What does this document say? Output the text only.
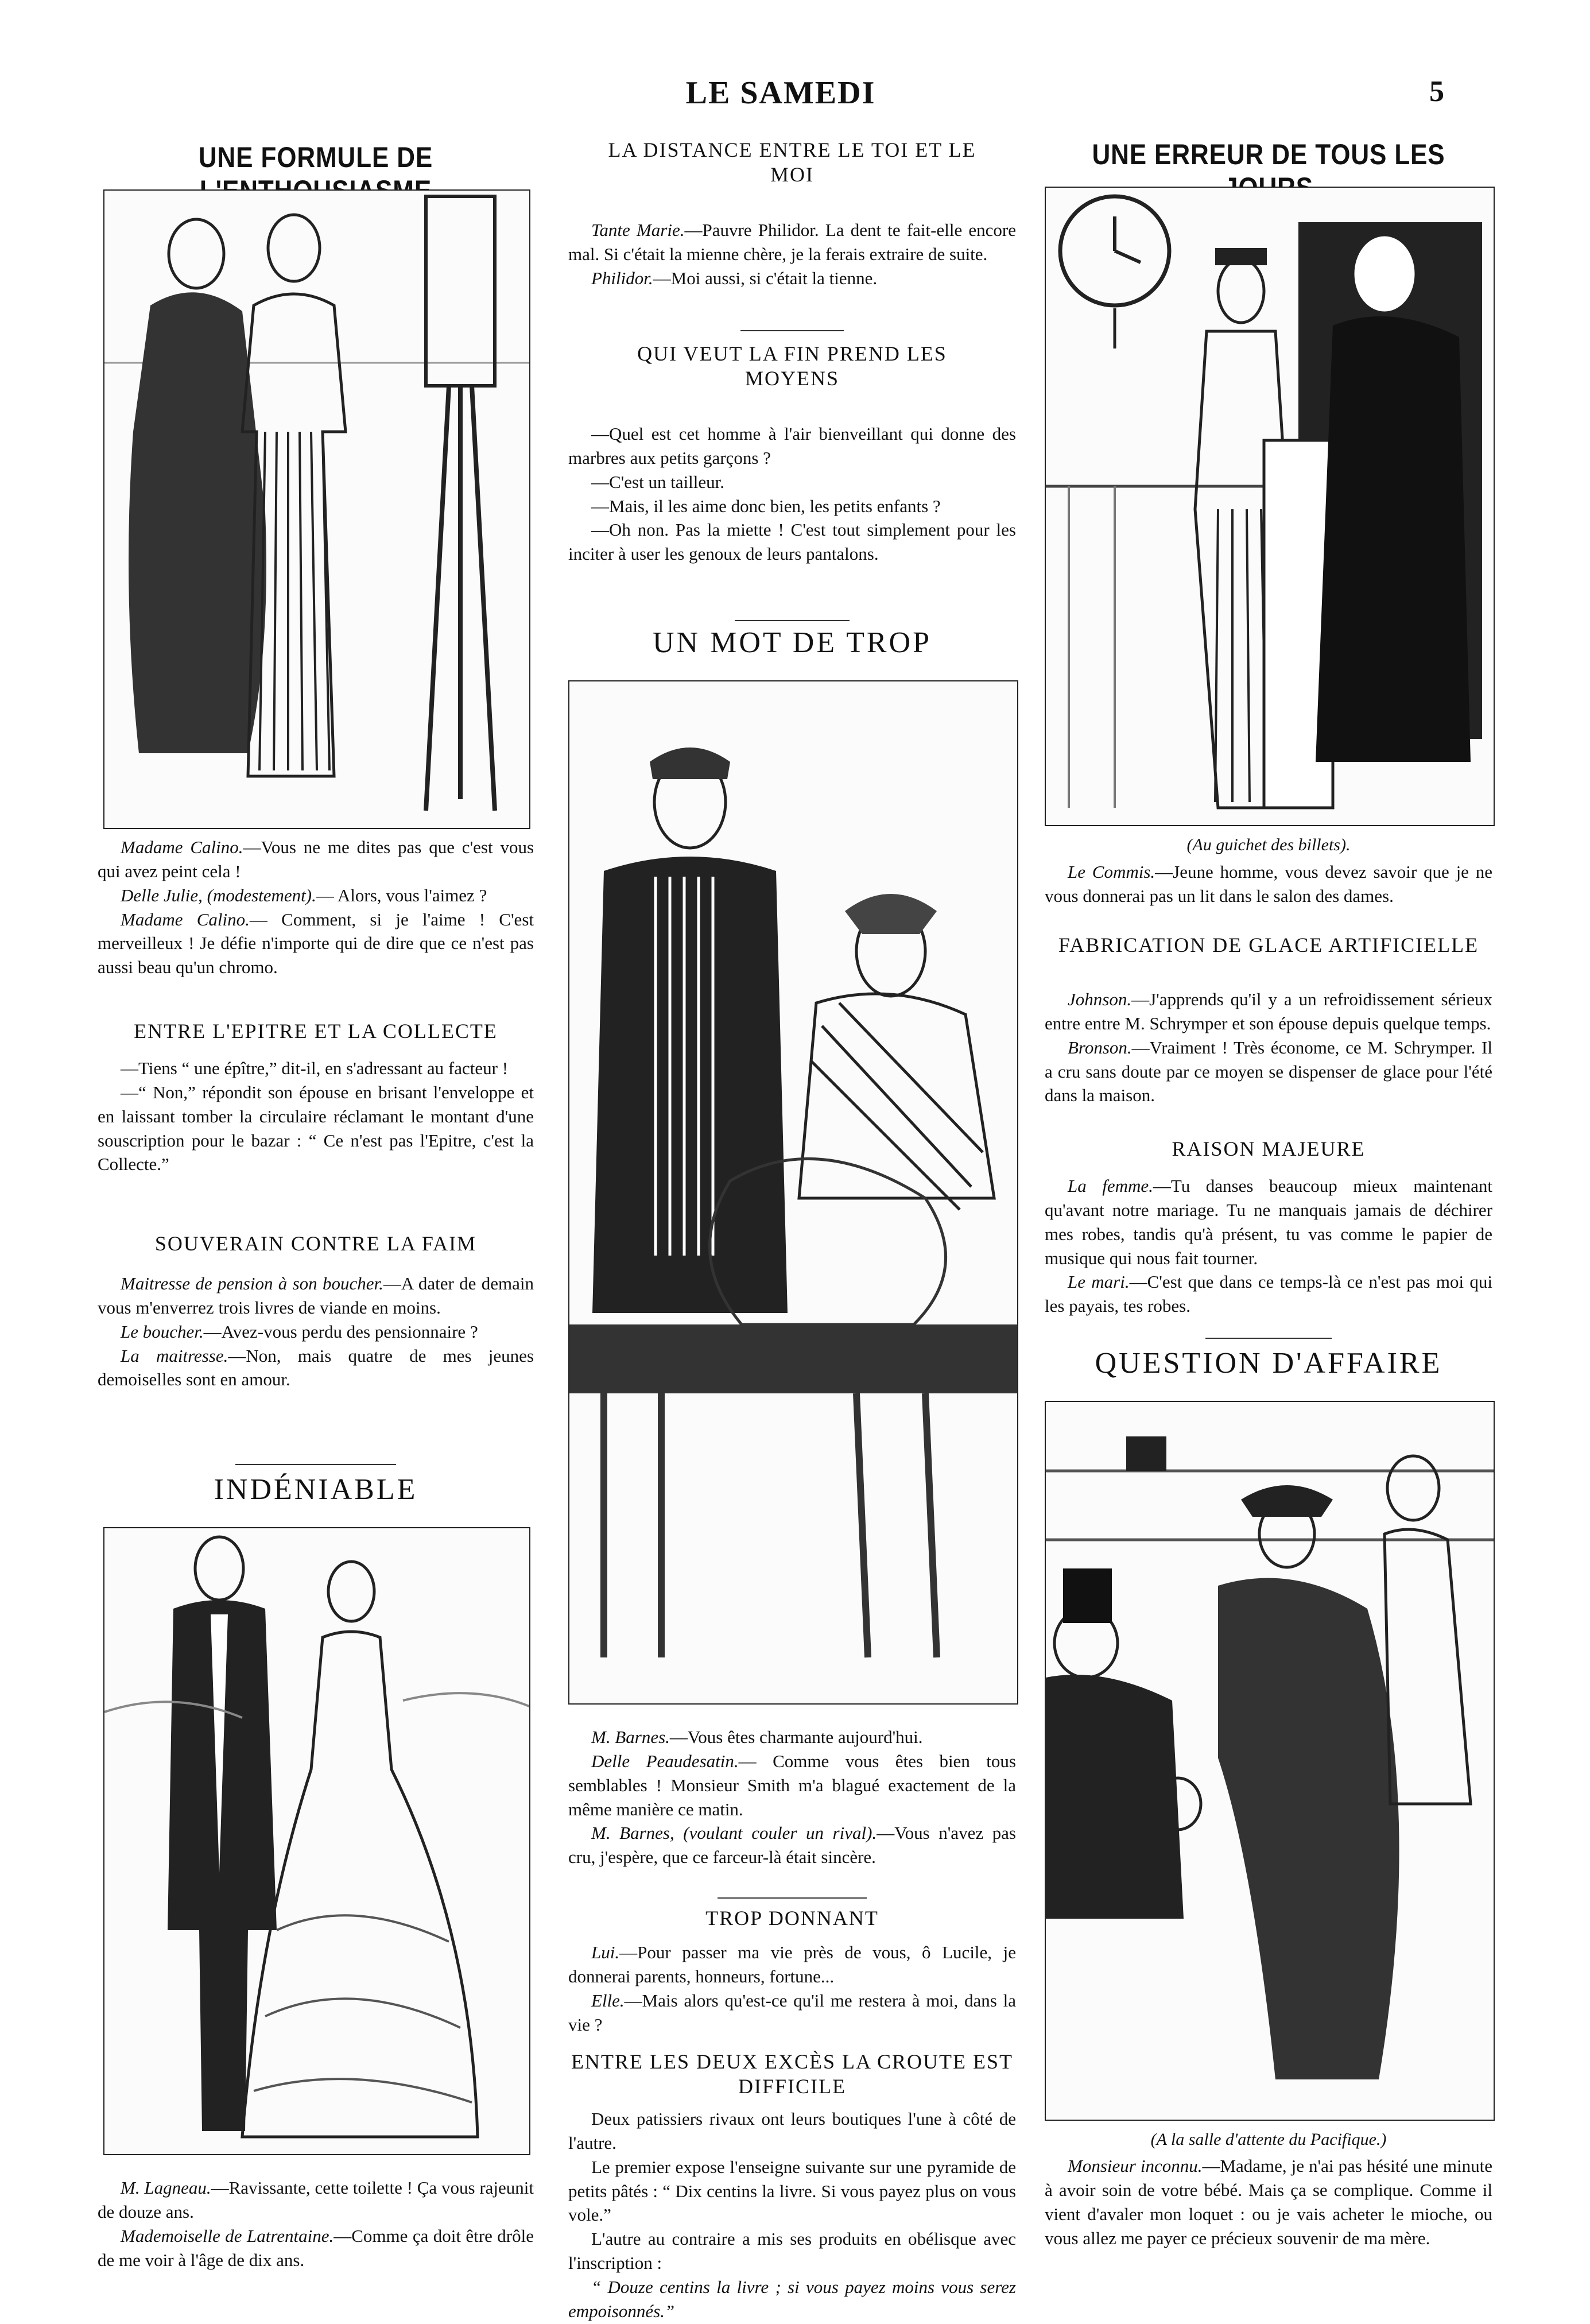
LE SAMEDI	5
UNE FORMULE DE

Madame Calino.—Vous ne me dites pas que c'est vous qui avez peint cela !

Delle Julie, (modestement).— Alors, vous l'aimez ?

Madame Calino.— Comment, si je l'aime ! C'est merveilleux ! Je défie n'importe qui de dire que ce n'est pas aussi beau qu'un chromo.

ENTRE L'EPITRE ET LA COLLECTE

—Tiens “ une épître,” dit-il, en s'adressant au facteur !

—“ Non,” répondit son épouse en brisant l'enveloppe et en laissant tomber la circulaire réclamant le montant d'une souscription pour le bazar : “ Ce n'est pas l'Epitre, c'est la Collecte.”

SOUVERAIN CONTRE LA FAIM

Maitresse de pension à son boucher.—A dater de demain vous m'enverrez trois livres de viande en moins.

Le boucher.—Avez-vous perdu des pensionnaire ?

La maitresse.—Non, mais quatre de mes jeunes demoiselles sont en amour.

INDÉNIABLE

M. Lagneau.—Ravissante, cette toilette ! Ça vous rajeunit de douze ans.

Mademoiselle de Latrentaine.—Comme ça doit être drôle de me voir à l'âge de dix ans.

LA DISTANCE ENTRE LE TOI ET LE MOI

Tante Marie.—Pauvre Philidor. La dent te fait-elle encore mal. Si c'était la mienne chère, je la ferais extraire de suite.

Philidor.—Moi aussi, si c'était la tienne.

QUI VEUT LA FIN PREND LES MOYENS

—Quel est cet homme à l'air bienveillant qui donne des marbres aux petits garçons ?

—C'est un tailleur.

—Mais, il les aime donc bien, les petits enfants ?

—Oh non. Pas la miette ! C'est tout simplement pour les inciter à user les genoux de leurs pantalons.

UN MOT DE TROP

M. Barnes.—Vous êtes charmante aujourd'hui.

Delle Peaudesatin.— Comme vous êtes bien tous semblables ! Monsieur Smith m'a blagué exactement de la même manière ce matin.

M. Barnes, (voulant couler un rival).—Vous n'avez pas cru, j'espère, que ce farceur-là était sincère.

TROP DONNANT

Lui.—Pour passer ma vie près de vous, ô Lucile, je donnerai parents, honneurs, fortune...

Elle.—Mais alors qu'est-ce qu'il me restera à moi, dans la vie ?

ENTRE LES DEUX EXCÈS LA CROUTE EST DIFFICILE

Deux patissiers rivaux ont leurs boutiques l'une à côté de l'autre.

Le premier expose l'enseigne suivante sur une pyramide de petits pâtés : “ Dix centins la livre. Si vous payez plus on vous vole.”

L'autre au contraire a mis ses produits en obélisque avec l'inscription :

“ Douze centins la livre ; si vous payez moins vous serez empoisonnés.”

UNE ERREUR DE TOUS LES
(Au guichet des billets).

Le Commis.—Jeune homme, vous devez savoir que je ne vous donnerai pas un lit dans le salon des dames.

FABRICATION DE GLACE ARTIFICIELLE

Johnson.—J'apprends qu'il y a un refroidissement sérieux entre entre M. Schrymper et son épouse depuis quelque temps.

Bronson.—Vraiment ! Très économe, ce M. Schrymper. Il a cru sans doute par ce moyen se dispenser de glace pour l'été dans la maison.

RAISON MAJEURE

La femme.—Tu danses beaucoup mieux maintenant qu'avant notre mariage. Tu ne manquais jamais de déchirer mes robes, tandis qu'à présent, tu vas comme le papier de musique qui nous fait tourner.

Le mari.—C'est que dans ce temps-là ce n'est pas moi qui les payais, tes robes.

QUESTION D'AFFAIRE
(A la salle d'attente du Pacifique.)

Monsieur inconnu.—Madame, je n'ai pas hésité une minute à avoir soin de votre bébé. Mais ça se complique. Comme il vient d'avaler mon loquet : ou je vais acheter le mioche, ou vous allez me payer ce précieux souvenir de ma mère.
